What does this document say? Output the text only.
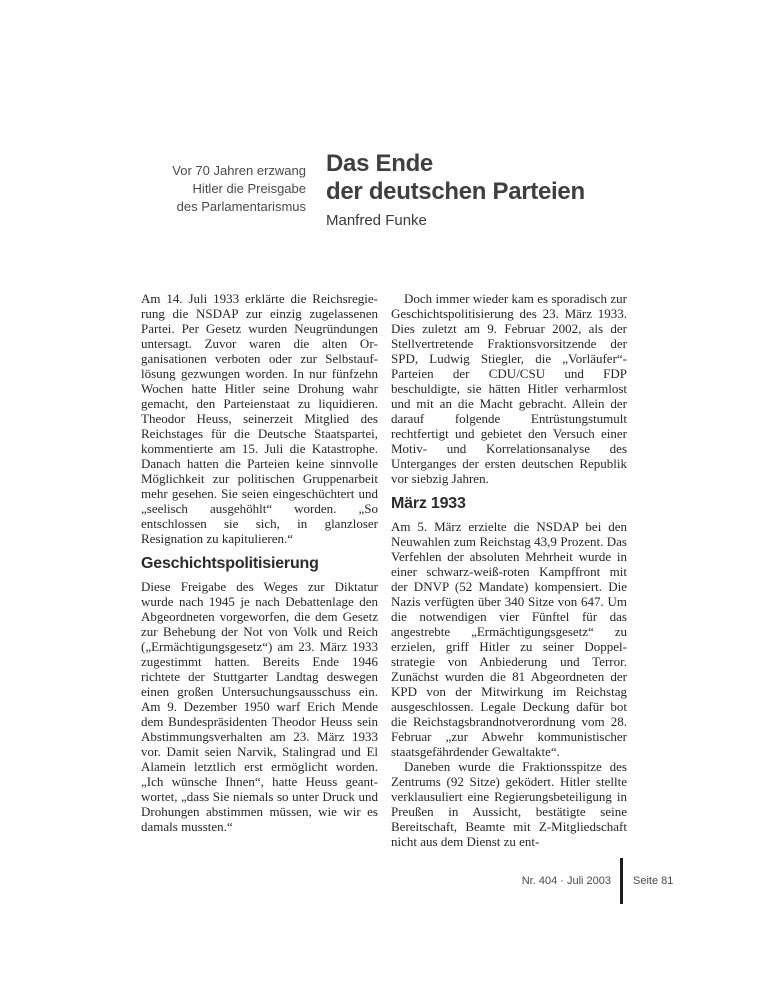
Vor 70 Jahren erzwang
Hitler die Preisgabe
des Parlamentarismus
Das Ende
der deutschen Parteien
Manfred Funke

Am 14. Juli 1933 erklärte die Reichsregierung die NSDAP zur einzig zugelassenen Partei. Per Gesetz wurden Neugründungen untersagt. Zuvor waren die alten Organisationen verboten oder zur Selbstauflösung gezwungen worden. In nur fünfzehn Wochen hatte Hitler seine Drohung wahr gemacht, den Parteienstaat zu liquidieren. Theodor Heuss, seinerzeit Mitglied des Reichstages für die Deutsche Staatspartei, kommentierte am 15. Juli die Katastrophe. Danach hatten die Parteien keine sinnvolle Möglichkeit zur politischen Gruppenarbeit mehr gesehen. Sie seien eingeschüchtert und „seelisch ausgehöhlt“ worden. „So entschlossen sie sich, in glanzloser Resignation zu kapitulieren.“

Geschichtspolitisierung

Diese Freigabe des Weges zur Diktatur wurde nach 1945 je nach Debattenlage den Abgeordneten vorgeworfen, die dem Gesetz zur Behebung der Not von Volk und Reich („Ermächtigungsgesetz“) am 23. März 1933 zugestimmt hatten. Bereits Ende 1946 richtete der Stuttgarter Landtag deswegen einen großen Untersuchungsausschuss ein. Am 9. Dezember 1950 warf Erich Mende dem Bundespräsidenten Theodor Heuss sein Abstimmungsverhalten am 23. März 1933 vor. Damit seien Narvik, Stalingrad und El Alamein letztlich erst ermöglicht worden. „Ich wünsche Ihnen“, hatte Heuss geantwortet, „dass Sie niemals so unter Druck und Drohungen abstimmen müssen, wie wir es damals mussten.“

Doch immer wieder kam es sporadisch zur Geschichtspolitisierung des 23. März 1933. Dies zuletzt am 9. Februar 2002, als der Stellvertretende Fraktionsvorsitzende der SPD, Ludwig Stiegler, die „Vorläufer“-Parteien der CDU/CSU und FDP beschuldigte, sie hätten Hitler verharmlost und mit an die Macht gebracht. Allein der darauf folgende Entrüstungstumult rechtfertigt und gebietet den Versuch einer Motiv- und Korrelationsanalyse des Unterganges der ersten deutschen Republik vor siebzig Jahren.

März 1933

Am 5. März erzielte die NSDAP bei den Neuwahlen zum Reichstag 43,9 Prozent. Das Verfehlen der absoluten Mehrheit wurde in einer schwarz-weiß-roten Kampffront mit der DNVP (52 Mandate) kompensiert. Die Nazis verfügten über 340 Sitze von 647. Um die notwendigen vier Fünftel für das angestrebte „Ermächtigungsgesetz“ zu erzielen, griff Hitler zu seiner Doppelstrategie von Anbiederung und Terror. Zunächst wurden die 81 Abgeordneten der KPD von der Mitwirkung im Reichstag ausgeschlossen. Legale Deckung dafür bot die Reichstagsbrandnotverordnung vom 28. Februar „zur Abwehr kommunistischer staatsgefährdender Gewaltakte“.

Daneben wurde die Fraktionsspitze des Zentrums (92 Sitze) geködert. Hitler stellte verklausuliert eine Regierungsbeteiligung in Preußen in Aussicht, bestätigte seine Bereitschaft, Beamte mit Z-Mitgliedschaft nicht aus dem Dienst zu ent-

Nr. 404 · Juli 2003 Seite 81
